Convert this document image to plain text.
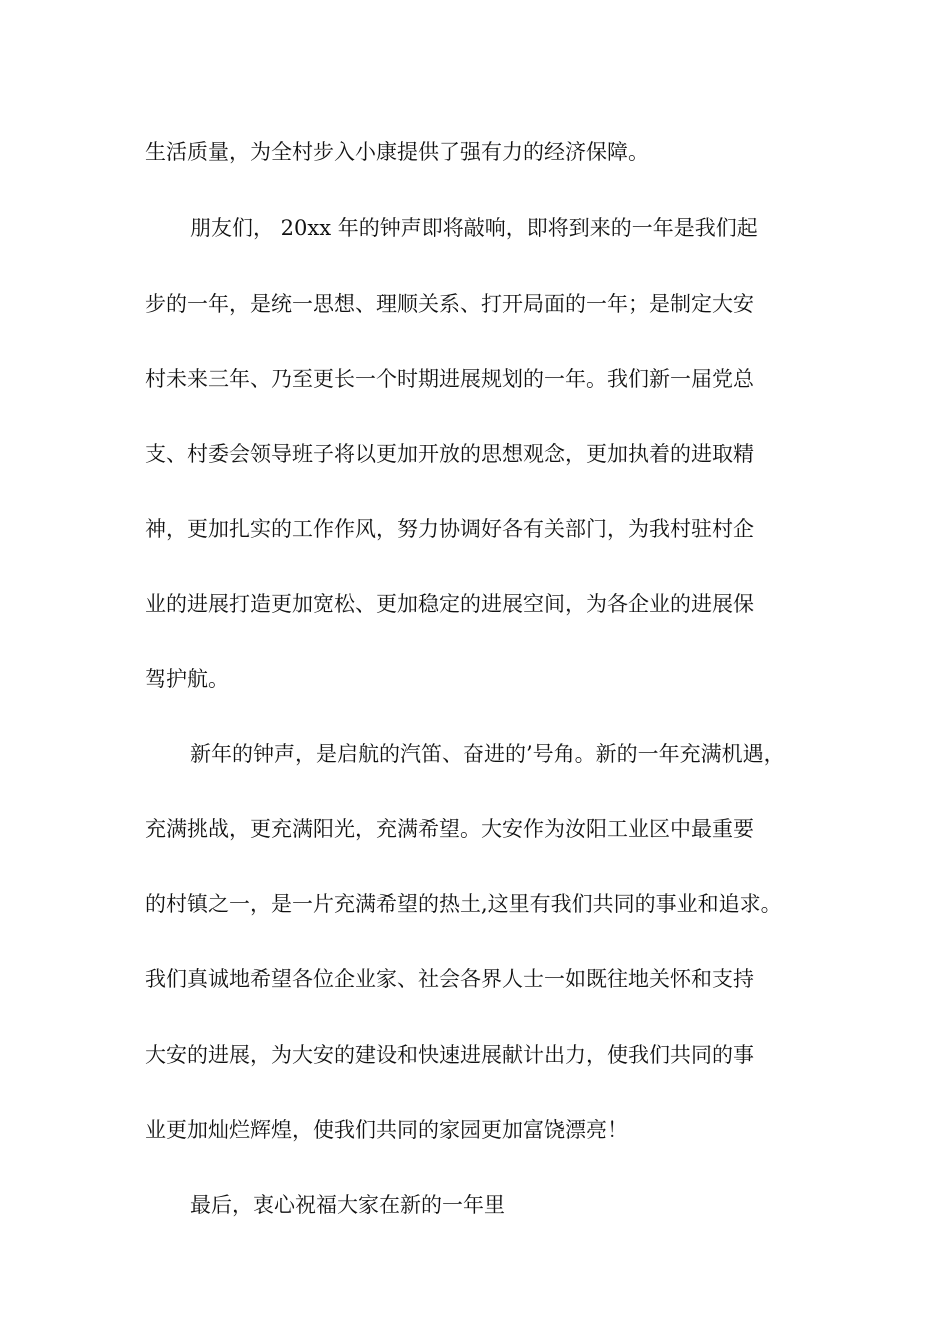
生活质量，为全村步入小康提供了强有力的经济保障。

朋友们， 20xx 年的钟声即将敲响，即将到来的一年是我们起

步的一年，是统一思想、理顺关系、打开局面的一年；是制定大安

村未来三年、乃至更长一个时期进展规划的一年。我们新一届党总

支、村委会领导班子将以更加开放的思想观念，更加执着的进取精

神，更加扎实的工作作风，努力协调好各有关部门，为我村驻村企

业的进展打造更加宽松、更加稳定的进展空间，为各企业的进展保

驾护航。

新年的钟声，是启航的汽笛、奋进的’号角。新的一年充满机遇，

充满挑战，更充满阳光，充满希望。大安作为汝阳工业区中最重要

的村镇之一，是一片充满希望的热土,这里有我们共同的事业和追求。

我们真诚地希望各位企业家、社会各界人士一如既往地关怀和支持

大安的进展，为大安的建设和快速进展献计出力，使我们共同的事

业更加灿烂辉煌，使我们共同的家园更加富饶漂亮！

最后，衷心祝福大家在新的一年里
